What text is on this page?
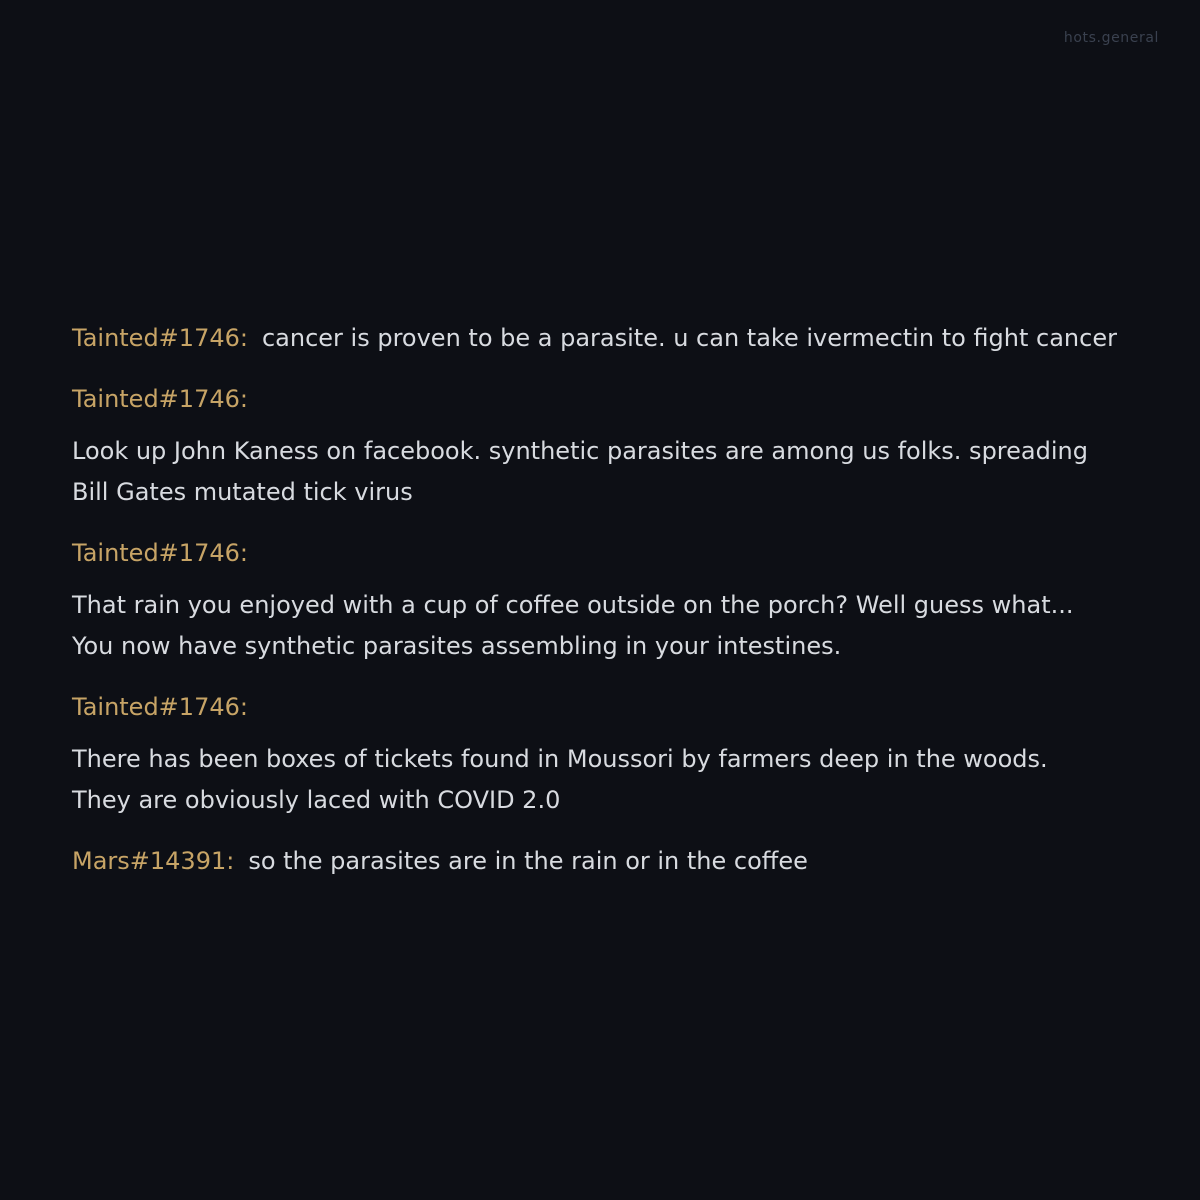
hots.general
Tainted#1746: cancer is proven to be a parasite. u can take ivermectin to fight cancer
Tainted#1746:
Look up John Kaness on facebook. synthetic parasites are among us folks. spreading
Bill Gates mutated tick virus
Tainted#1746:
That rain you enjoyed with a cup of coffee outside on the porch? Well guess what...
You now have synthetic parasites assembling in your intestines.
Tainted#1746:
There has been boxes of tickets found in Moussori by farmers deep in the woods.
They are obviously laced with COVID 2.0
Mars#14391: so the parasites are in the rain or in the coffee
